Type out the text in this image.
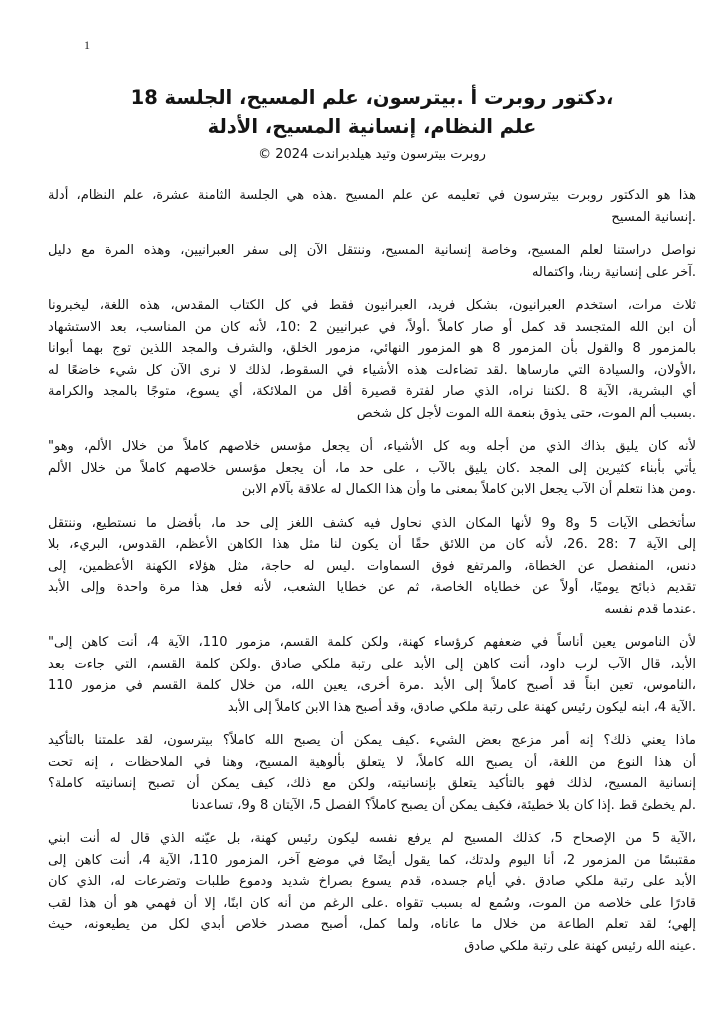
1
،دكتور روبرت أ .بيترسون، علم المسيح، الجلسة 18
علم النظام، إنسانية المسيح، الأدلة
روبرت بيترسون وتيد هيلدبراندت 2024 ©
هذا هو الدكتور روبرت بيترسون في تعليمه عن علم المسيح .هذه هي الجلسة الثامنة عشرة، علم النظام، أدلة
.إنسانية المسيح
نواصل دراستنا لعلم المسيح، وخاصة إنسانية المسيح، وننتقل الآن إلى سفر العبرانيين، وهذه المرة مع دليل
.آخر على إنسانية ربنا، واكتماله
ثلاث مرات، استخدم العبرانيون، بشكل فريد، العبرانيون فقط في كل الكتاب المقدس، هذه اللغة، ليخبرونا
أن ابن الله المتجسد قد كمل أو صار كاملاً .أولاً، في عبرانيين 2 :10، لأنه كان من المناسب، بعد الاستشهاد
بالمزمور 8 والقول بأن المزمور 8 هو المزمور النهائي، مزمور الخلق، والشرف والمجد اللذين توج بهما أبوانا
،الأولان، والسيادة التي مارساها .لقد تضاءلت هذه الأشياء في السقوط، لذلك لا نرى الآن كل شيء خاضعًا له
أي البشرية، الآية 8 .لكننا نراه، الذي صار لفترة قصيرة أقل من الملائكة، أي يسوع، متوجًا بالمجد والكرامة
.بسبب ألم الموت، حتى يذوق بنعمة الله الموت لأجل كل شخص
لأنه كان يليق بذاك الذي من أجله وبه كل الأشياء، أن يجعل مؤسس خلاصهم كاملاً من خلال الألم، وهو"
يأتي بأبناء كثيرين إلى المجد .كان يليق بالآب ، على حد ما، أن يجعل مؤسس خلاصهم كاملاً من خلال الألم
.ومن هذا نتعلم أن الآب يجعل الابن كاملاً بمعنى ما وأن هذا الكمال له علاقة بآلام الابن
سأتخطى الآيات 5 و8 و9 لأنها المكان الذي نحاول فيه كشف اللغز إلى حد ما، بأفضل ما نستطيع، وننتقل
إلى الآية 7 :28 .26، لأنه كان من اللائق حقًا أن يكون لنا مثل هذا الكاهن الأعظم، القدوس، البريء، بلا
دنس، المنفصل عن الخطاة، والمرتفع فوق السماوات .ليس له حاجة، مثل هؤلاء الكهنة الأعظمين، إلى
تقديم ذبائح يوميًا، أولاً عن خطاياه الخاصة، ثم عن خطايا الشعب، لأنه فعل هذا مرة واحدة وإلى الأبد
.عندما قدم نفسه
لأن الناموس يعين أناساً في ضعفهم كرؤساء كهنة، ولكن كلمة القسم، مزمور 110، الآية 4، أنت كاهن إلى"
الأبد، قال الآب لرب داود، أنت كاهن إلى الأبد على رتبة ملكي صادق .ولكن كلمة القسم، التي جاءت بعد
،الناموس، تعين ابناً قد أصبح كاملاً إلى الأبد .مرة أخرى، يعين الله، من خلال كلمة القسم في مزمور 110
.الآية 4، ابنه ليكون رئيس كهنة على رتبة ملكي صادق، وقد أصبح هذا الابن كاملاً إلى الأبد
ماذا يعني ذلك؟ إنه أمر مزعج بعض الشيء .كيف يمكن أن يصبح الله كاملاً؟ بيترسون، لقد علمتنا بالتأكيد
أن هذا النوع من اللغة، أن يصبح الله كاملاً، لا يتعلق بألوهية المسيح، وهنا في الملاحظات ، إنه تحت
إنسانية المسيح، لذلك فهو بالتأكيد يتعلق بإنسانيته، ولكن مع ذلك، كيف يمكن أن تصبح إنسانيته كاملة؟
.لم يخطئ قط .إذا كان بلا خطيئة، فكيف يمكن أن يصبح كاملاً؟ الفصل 5، الآيتان 8 و9، تساعدنا
،الآية 5 من الإصحاح 5، كذلك المسيح لم يرفع نفسه ليكون رئيس كهنة، بل عيّنه الذي قال له أنت ابني
مقتبسًا من المزمور 2، أنا اليوم ولدتك، كما يقول أيضًا في موضع آخر، المزمور 110، الآية 4، أنت كاهن إلى
الأبد على رتبة ملكي صادق .في أيام جسده، قدم يسوع بصراخ شديد ودموع طلبات وتضرعات له، الذي كان
قادرًا على خلاصه من الموت، وسُمع له بسبب تقواه .على الرغم من أنه كان ابنًا، إلا أن فهمي هو أن هذا لقب
إلهي؛ لقد تعلم الطاعة من خلال ما عاناه، ولما كمل، أصبح مصدر خلاص أبدي لكل من يطيعونه، حيث
.عينه الله رئيس كهنة على رتبة ملكي صادق
